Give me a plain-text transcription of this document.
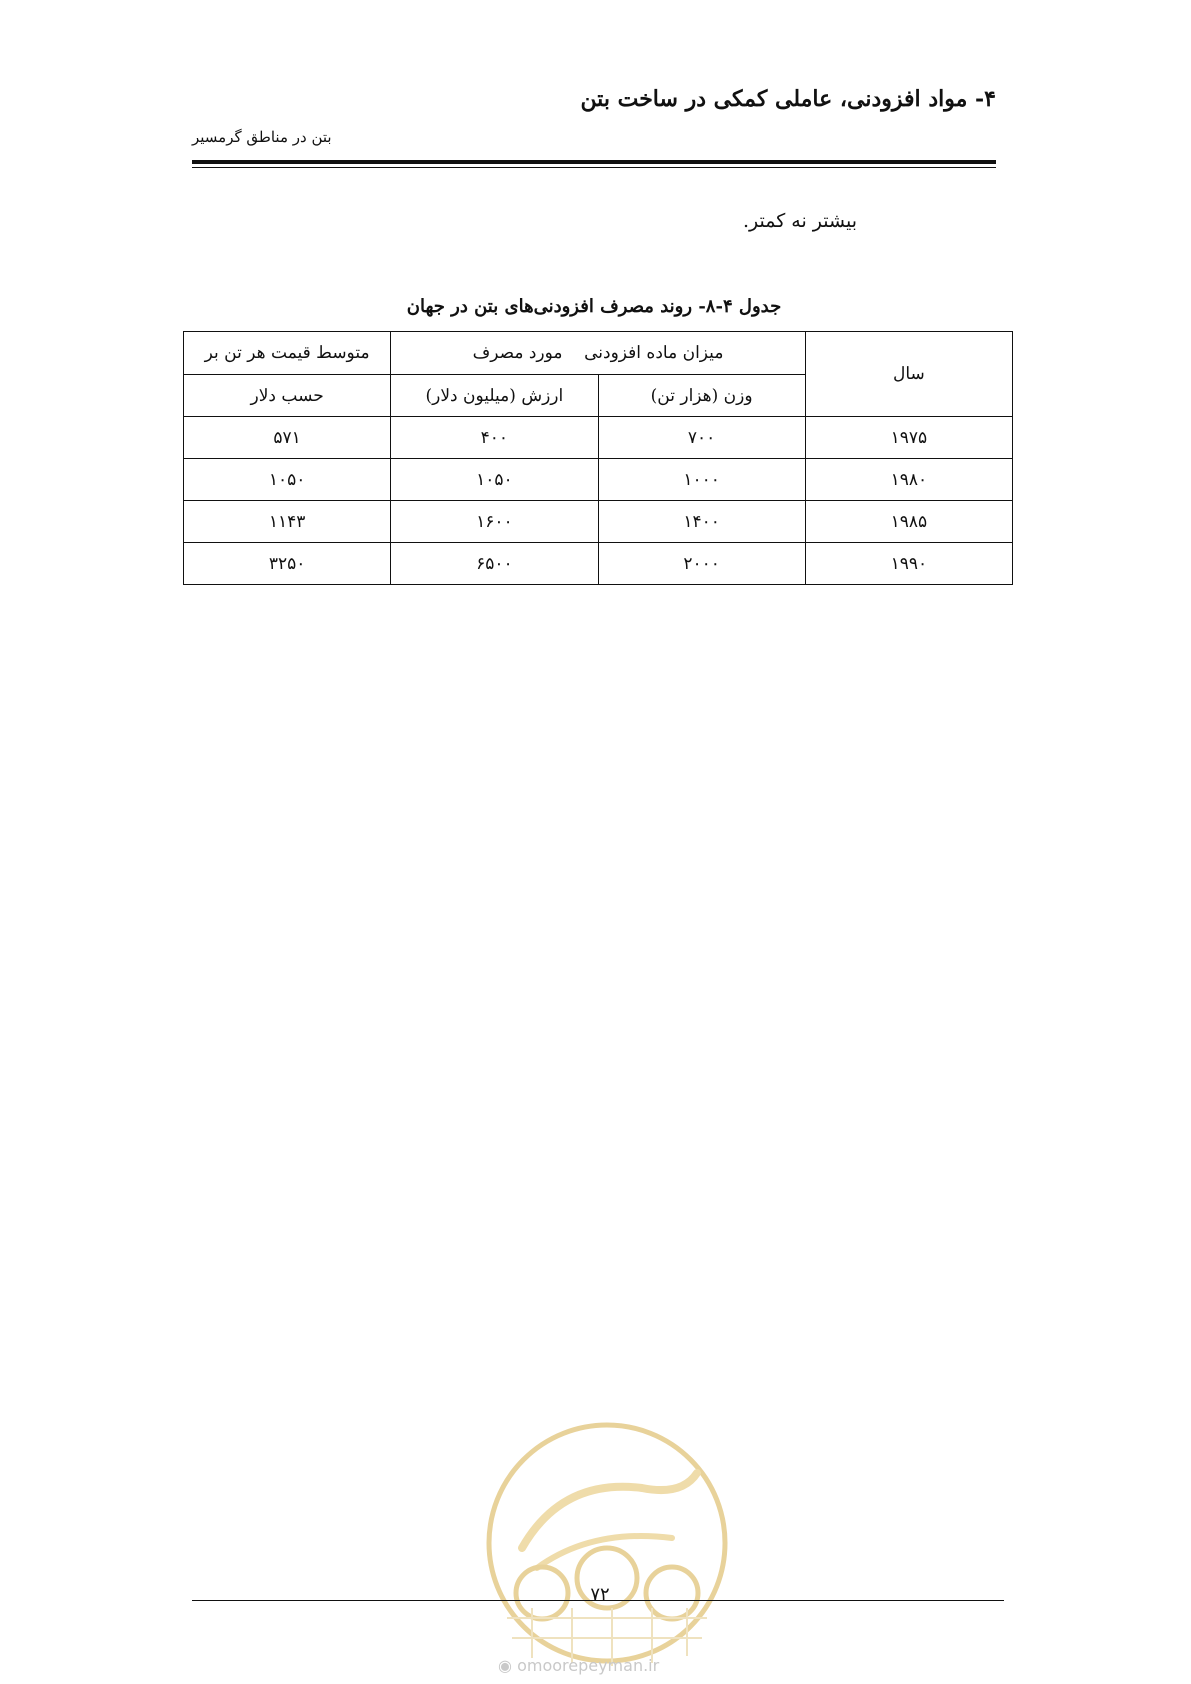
۴- مواد افزودنی، عاملی کمکی در ساخت بتن
بتن در مناطق گرمسیر
بیشتر نه کمتر.
جدول ۴-۸- روند مصرف افزودنی‌های بتن در جهان
سال	میزان ماده افزودنی    مورد مصرف		متوسط قیمت هر تن بر
	وزن (هزار تن)	ارزش (میلیون دلار)	حسب دلار
۱۹۷۵	۷۰۰	۴۰۰	۵۷۱
۱۹۸۰	۱۰۰۰	۱۰۵۰	۱۰۵۰
۱۹۸۵	۱۴۰۰	۱۶۰۰	۱۱۴۳
۱۹۹۰	۲۰۰۰	۶۵۰۰	۳۲۵۰
۷۲
◉ omoorepeyman.ir
